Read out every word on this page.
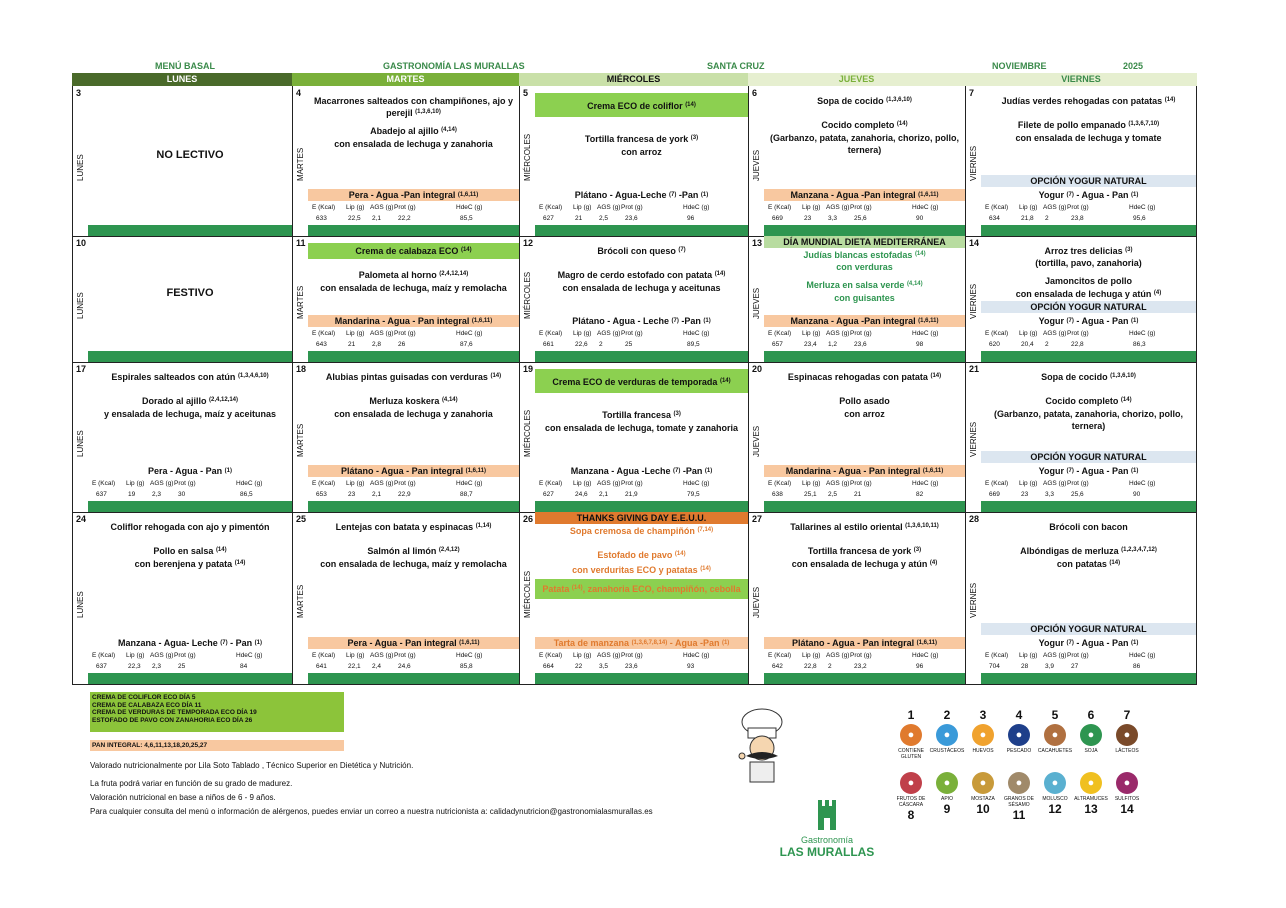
MENÚ BASAL	GASTRONOMÍA LAS MURALLAS	SANTA CRUZ	NOVIEMBRE	2025
LUNES	MARTES	MIÉRCOLES	JUEVES	VIERNES
3
LUNES	NO LECTIVO
4
MARTES
Macarrones salteados con champiñones, ajo y
perejil $^{(1,3,6,10)}$
Abadejo al ajillo $^{(4,14)}$
con ensalada de lechuga y zanahoria
Pera - Agua -Pan integral $^{(1,6,11)}$
E (Kcal) Lip (g) AGS (g) Prot (g)	HdeC (g)
633	22,5 2,1	22,2	85,5
5
MIÉRCOLES
Crema ECO de coliflor $^{(14)}$
Tortilla francesa de york $^{(3)}$
con arroz
Plátano - Agua-Leche $^{(7)}$ -Pan $^{(1)}$
E (Kcal) Lip (g) AGS (g) Prot (g)	HdeC (g)
627	21	2,5	23,6	96
6
JUEVES
Sopa de cocido $^{(1,3,6,10)}$
Cocido completo $^{(14)}$
(Garbanzo, patata, zanahoria, chorizo, pollo,
ternera)
Manzana - Agua -Pan integral $^{(1,6,11)}$
E (Kcal) Lip (g) AGS (g) Prot (g)	HdeC (g)
669	23	3,3	25,6	90
7
VIERNES
Judías verdes rehogadas con patatas $^{(14)}$
Filete de pollo empanado $^{(1,3,6,7,10)}$
con ensalada de lechuga y tomate
OPCIÓN YOGUR NATURAL
Yogur $^{(7)}$ - Agua - Pan $^{(1)}$
E (Kcal) Lip (g) AGS (g) Prot (g)	HdeC (g)
634	21,8 2	23,8	95,6
10
LUNES	FESTIVO
11
MARTES
Crema de calabaza ECO $^{(14)}$
Palometa al horno $^{(2,4,12,14)}$
con ensalada de lechuga, maíz y remolacha
Mandarina - Agua - Pan integral $^{(1,6,11)}$
E (Kcal) Lip (g) AGS (g) Prot (g)	HdeC (g)
643	21	2,8	26	87,6
12
MIÉRCOLES
Brócoli con queso $^{(7)}$
Magro de cerdo estofado con patata $^{(14)}$
con ensalada de lechuga y aceitunas
Plátano - Agua - Leche $^{(7)}$ -Pan $^{(1)}$
E (Kcal) Lip (g) AGS (g) Prot (g)	HdeC (g)
661	22,6 2	25	89,5
13
JUEVES
DÍA MUNDIAL DIETA MEDITERRÁNEA
Judías blancas estofadas $^{(14)}$
con verduras
Merluza en salsa verde $^{(4,14)}$
con guisantes
Manzana - Agua -Pan integral $^{(1,6,11)}$
E (Kcal) Lip (g) AGS (g) Prot (g)	HdeC (g)
657	23,4 1,2	23,6	98
14
VIERNES
Arroz tres delicias $^{(3)}$
(tortilla, pavo, zanahoria)
Jamoncitos de pollo
con ensalada de lechuga y atún $^{(4)}$
OPCIÓN YOGUR NATURAL
Yogur $^{(7)}$ - Agua - Pan $^{(1)}$
E (Kcal) Lip (g) AGS (g) Prot (g)	HdeC (g)
620	20,4 2	22,8	86,3
17
LUNES
Espirales salteados con atún $^{(1,3,4,6,10)}$
Dorado al ajillo $^{(2,4,12,14)}$
y ensalada de lechuga, maíz y aceitunas
Pera - Agua - Pan $^{(1)}$
E (Kcal) Lip (g) AGS (g) Prot (g)	HdeC (g)
637	19	2,3	30	86,5
18
MARTES
Alubias pintas guisadas con verduras $^{(14)}$
Merluza koskera $^{(4,14)}$
con ensalada de lechuga y zanahoria
Plátano - Agua - Pan integral $^{(1,6,11)}$
E (Kcal) Lip (g) AGS (g) Prot (g)	HdeC (g)
653	23	2,1	22,9	88,7
19
MIÉRCOLES
Crema ECO de verduras de temporada $^{(14)}$
Tortilla francesa $^{(3)}$
con ensalada de lechuga, tomate y zanahoria
Manzana - Agua -Leche $^{(7)}$ -Pan $^{(1)}$
E (Kcal) Lip (g) AGS (g) Prot (g)	HdeC (g)
627	24,6 2,1	21,9	79,5
20
JUEVES
Espinacas rehogadas con patata $^{(14)}$
Pollo asado
con arroz
Mandarina - Agua - Pan integral $^{(1,6,11)}$
E (Kcal) Lip (g) AGS (g) Prot (g)	HdeC (g)
638	25,1 2,5	21	82
21
VIERNES
Sopa de cocido $^{(1,3,6,10)}$
Cocido completo $^{(14)}$
(Garbanzo, patata, zanahoria, chorizo, pollo,
ternera)
OPCIÓN YOGUR NATURAL
Yogur $^{(7)}$ - Agua - Pan $^{(1)}$
E (Kcal) Lip (g) AGS (g) Prot (g)	HdeC (g)
669	23	3,3	25,6	90
24
LUNES
Coliflor rehogada con ajo y pimentón
Pollo en salsa $^{(14)}$
con berenjena y patata $^{(14)}$
Manzana - Agua- Leche $^{(7)}$ - Pan $^{(1)}$
E (Kcal) Lip (g) AGS (g) Prot (g)	HdeC (g)
637	22,3 2,3	25	84
25
MARTES
Lentejas con batata y espinacas $^{(1,14)}$
Salmón al limón $^{(2,4,12)}$
con ensalada de lechuga, maíz y remolacha
Pera - Agua - Pan integral $^{(1,6,11)}$
E (Kcal) Lip (g) AGS (g) Prot (g)	HdeC (g)
641	22,1 2,4	24,6	85,8
26
MIÉRCOLES
THANKS GIVING DAY E.E.U.U.
Sopa cremosa de champiñón $^{(7,14)}$
Estofado de pavo $^{(14)}$
con verduritas ECO y patatas $^{(14)}$
Patata $^{(14)}$, zanahoria ECO, champiñón, cebolla
Tarta de manzana $^{(1,3,6,7,8,14)}$ - Agua -Pan $^{(1)}$
E (Kcal) Lip (g) AGS (g) Prot (g)	HdeC (g)
664	22	3,5	23,6	93
27
JUEVES
Tallarines al estilo oriental $^{(1,3,6,10,11)}$
Tortilla francesa de york $^{(3)}$
con ensalada de lechuga y atún $^{(4)}$
Plátano - Agua - Pan integral $^{(1,6,11)}$
E (Kcal) Lip (g) AGS (g) Prot (g)	HdeC (g)
642	22,8 2	23,2	96
28
VIERNES
Brócoli con bacon
Albóndigas de merluza $^{(1,2,3,4,7,12)}$
con patatas $^{(14)}$
OPCIÓN YOGUR NATURAL
Yogur $^{(7)}$ - Agua - Pan $^{(1)}$
E (Kcal) Lip (g) AGS (g) Prot (g)	HdeC (g)
704	28	3,9	27	86
CREMA DE COLIFLOR ECO DÍA 5
CREMA DE CALABAZA ECO DÍA 11
CREMA DE VERDURAS DE TEMPORADA ECO DÍA 19
ESTOFADO DE PAVO CON ZANAHORIA ECO DÍA 26
PAN INTEGRAL: 4,6,11,13,18,20,25,27
Valorado nutricionalmente por Lila Soto Tablado , Técnico Superior en Dietética y Nutrición.
La fruta podrá variar en función de su grado de madurez.
Valoración nutricional en base a niños de 6 - 9 años.
Para cualquier consulta del menú o información de alérgenos, puedes enviar un correo a nuestra nutricionista a: calidadynutricion@gastronomialasmurallas.es
Gastronomía
LAS MURALLAS
1
●
CONTIENE GLUTEN
2
●
CRUSTÁCEOS
3
●
HUEVOS
4
●
PESCADO
5
●
CACAHUETES
6
●
SOJA
7
●
LÁCTEOS
●
FRUTOS DE CÁSCARA
8
●
APIO
9
●
MOSTAZA
10
●
GRANOS DE SÉSAMO
11
●
MOLUSCO
12
●
ALTRAMUCES
13
●
SULFITOS
14
